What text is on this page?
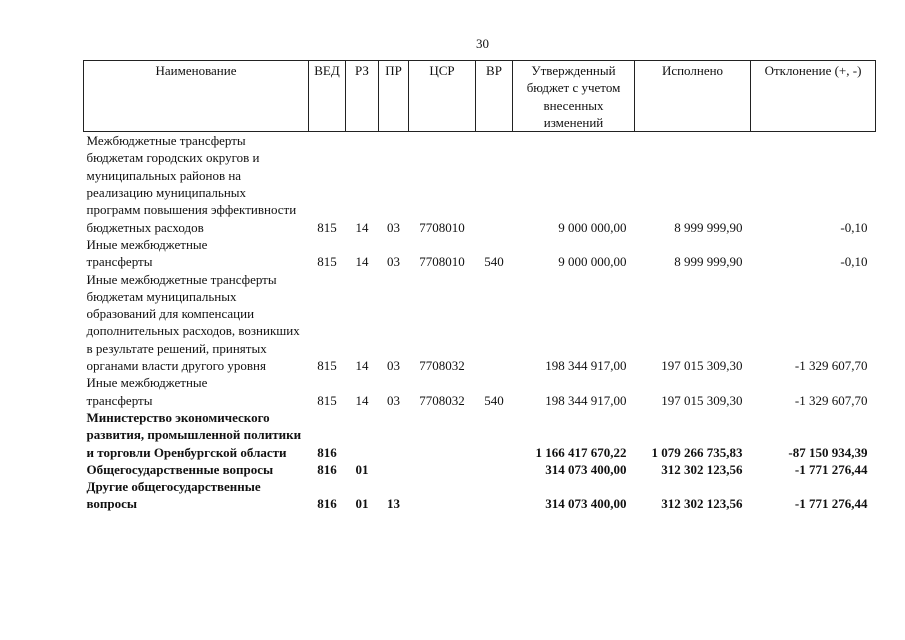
30
Наименование	ВЕД	РЗ	ПР	ЦСР	ВР	Утвержденный бюджет с учетом внесенных изменений	Исполнено	Отклонение (+, -)

Межбюджетные трансферты бюджетам городских округов и муниципальных районов на реализацию муниципальных программ повышения эффективности бюджетных расходов	815	14	03	7708010		9 000 000,00	8 999 999,90	-0,10

Иные межбюджетные трансферты	815	14	03	7708010	540	9 000 000,00	8 999 999,90	-0,10

Иные межбюджетные трансферты бюджетам муниципальных образований для компенсации дополнительных расходов, возникших в результате решений, принятых органами власти другого уровня	815	14	03	7708032		198 344 917,00	197 015 309,30	-1 329 607,70

Иные межбюджетные трансферты	815	14	03	7708032	540	198 344 917,00	197 015 309,30	-1 329 607,70

Министерство экономического развития, промышленной политики и торговли Оренбургской области	816					1 166 417 670,22	1 079 266 735,83	-87 150 934,39

Общегосударственные вопросы	816	01				314 073 400,00	312 302 123,56	-1 771 276,44

Другие общегосударственные вопросы	816	01	13			314 073 400,00	312 302 123,56	-1 771 276,44
